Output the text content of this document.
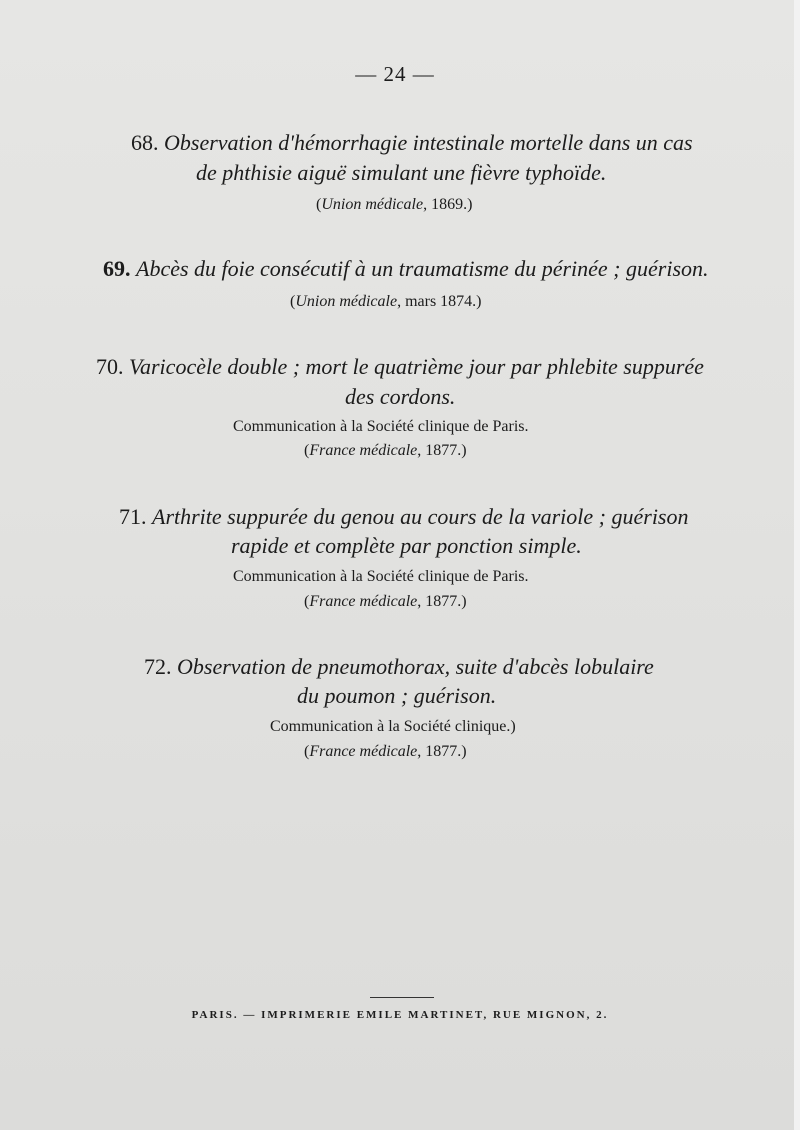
— 24 —
68. Observation d'hémorrhagie intestinale mortelle dans un cas
de phthisie aiguë simulant une fièvre typhoïde.
(Union médicale, 1869.)
69. Abcès du foie consécutif à un traumatisme du périnée ; guérison.
(Union médicale, mars 1874.)
70. Varicocèle double ; mort le quatrième jour par phlebite suppurée
des cordons.
Communication à la Société clinique de Paris.
(France médicale, 1877.)
71. Arthrite suppurée du genou au cours de la variole ; guérison
rapide et complète par ponction simple.
Communication à la Société clinique de Paris.
(France médicale, 1877.)
72. Observation de pneumothorax, suite d'abcès lobulaire
du poumon ; guérison.
Communication à la Société clinique.)
(France médicale, 1877.)
PARIS. — IMPRIMERIE EMILE MARTINET, RUE MIGNON, 2.
